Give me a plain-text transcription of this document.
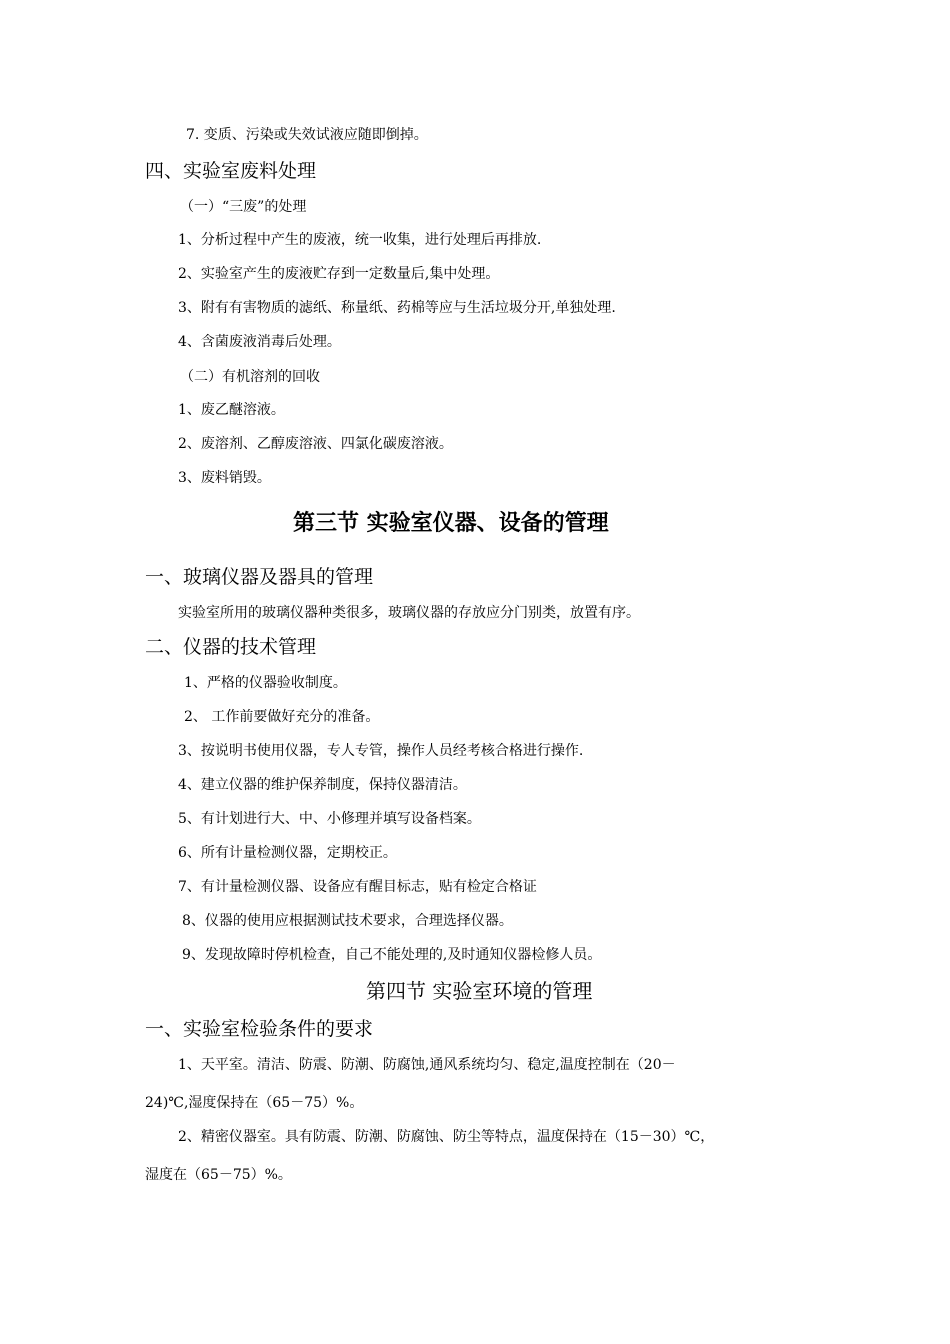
7. 变质、污染或失效试液应随即倒掉。
四、实验室废料处理
（一）“三废”的处理
1、分析过程中产生的废液，统一收集，进行处理后再排放.
2、实验室产生的废液贮存到一定数量后,集中处理。
3、附有有害物质的滤纸、称量纸、药棉等应与生活垃圾分开,单独处理.
4、含菌废液消毒后处理。
（二）有机溶剂的回收
1、废乙醚溶液。
2、废溶剂、乙醇废溶液、四氯化碳废溶液。
3、废料销毁。
第三节 实验室仪器、设备的管理
一、玻璃仪器及器具的管理
实验室所用的玻璃仪器种类很多，玻璃仪器的存放应分门别类，放置有序。
二、仪器的技术管理
1、严格的仪器验收制度。
2、 工作前要做好充分的准备。
3、按说明书使用仪器，专人专管，操作人员经考核合格进行操作.
4、建立仪器的维护保养制度，保持仪器清洁。
5、有计划进行大、中、小修理并填写设备档案。
6、所有计量检测仪器，定期校正。
7、有计量检测仪器、设备应有醒目标志，贴有检定合格证
8、仪器的使用应根据测试技术要求，合理选择仪器。
9、发现故障时停机检查，自己不能处理的,及时通知仪器检修人员。
第四节 实验室环境的管理
一、实验室检验条件的要求
1、天平室。清洁、防震、防潮、防腐蚀,通风系统均匀、稳定,温度控制在（20－
24)℃,湿度保持在（65－75）%。
2、精密仪器室。具有防震、防潮、防腐蚀、防尘等特点，温度保持在（15－30）℃，
湿度在（65－75）%。
